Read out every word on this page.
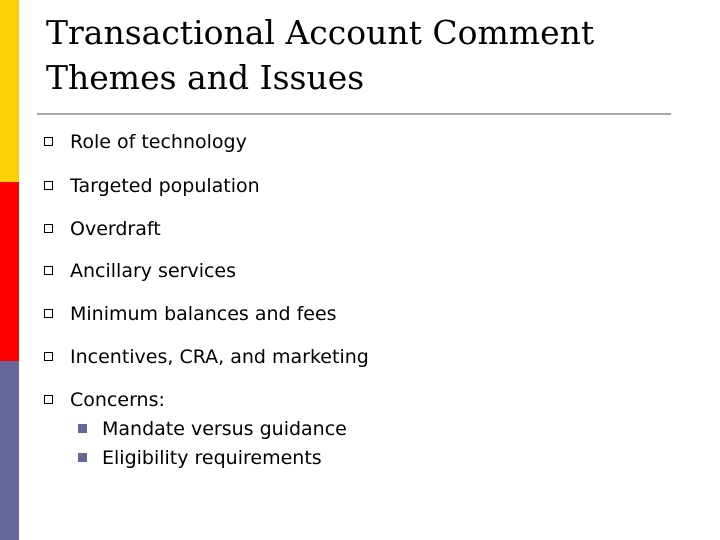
Transactional Account Comment Themes and Issues
Role of technology
Targeted population
Overdraft
Ancillary services
Minimum balances and fees
Incentives, CRA, and marketing
Concerns:
Mandate versus guidance
Eligibility requirements
